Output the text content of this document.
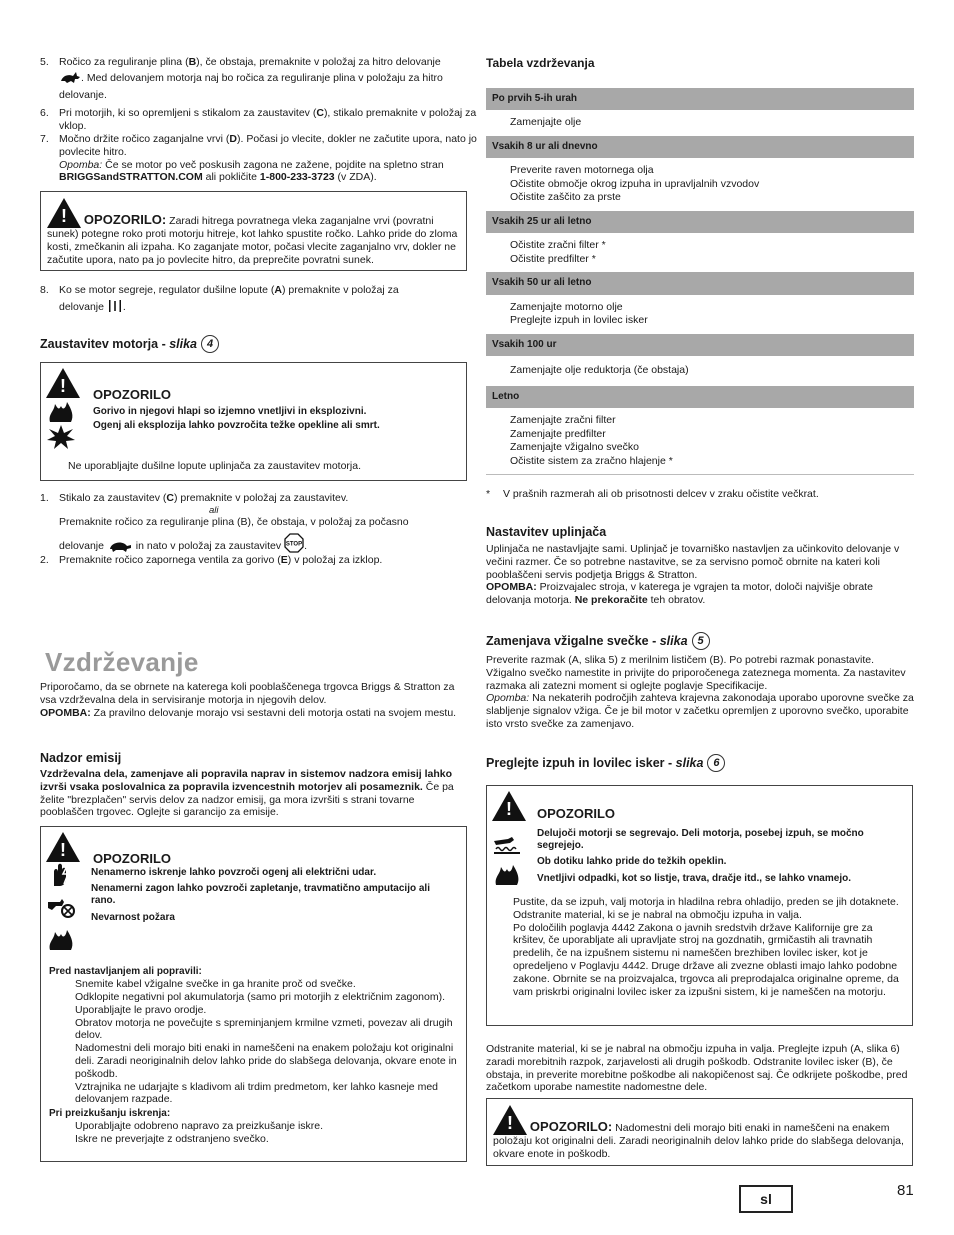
5. Ročico za reguliranje plina (B), če obstaja, premaknite v položaj za hitro delovanje
. Med delovanjem motorja naj bo ročica za reguliranje plina v položaju za hitro delovanje.
6. Pri motorjih, ki so opremljeni s stikalom za zaustavitev (C), stikalo premaknite v položaj za vklop.
7. Močno držite ročico zaganjalne vrvi (D). Počasi jo vlecite, dokler ne začutite upora, nato jo povlecite hitro.
Opomba: Če se motor po več poskusih zagona ne zažene, pojdite na spletno stran BRIGGSandSTRATTON.COM ali pokličite 1-800-233-3723 (v ZDA).
! OPOZORILO: Zaradi hitrega povratnega vleka zaganjalne vrvi (povratni sunek) potegne roko proti motorju hitreje, kot lahko spustite ročko. Lahko pride do zloma kosti, zmečkanin ali izpaha. Ko zaganjate motor, počasi vlecite zaganjalno vrv, dokler ne začutite upora, nato pa jo povlecite hitro, da preprečite povratni sunek.
8. Ko se motor segreje, regulator dušilne lopute (A) premaknite v položaj za
delovanje .
Zaustavitev motorja - slika 4
!
OPOZORILO

Gorivo in njegovi hlapi so izjemno vnetljivi in eksplozivni.

Ogenj ali eksplozija lahko povzročita težke opekline ali smrt.

Ne uporabljajte dušilne lopute uplinjača za zaustavitev motorja.
1. Stikalo za zaustavitev (C) premaknite v položaj za zaustavitev.
ali
Premaknite ročico za reguliranje plina (B), če obstaja, v položaj za počasno
delovanje	in nato v položaj za zaustavitev STOP .
2. Premaknite ročico zapornega ventila za gorivo (E) v položaj za izklop.
Vzdrževanje

Priporočamo, da se obrnete na katerega koli pooblaščenega trgovca Briggs & Stratton za vsa vzdrževalna dela in servisiranje motorja in njegovih delov.

OPOMBA: Za pravilno delovanje morajo vsi sestavni deli motorja ostati na svojem mestu.

Nadzor emisij
Vzdrževalna dela, zamenjave ali popravila naprav in sistemov nadzora emisij lahko izvrši vsaka poslovalnica za popravila izvencestnih motorjev ali posameznik. Če pa želite "brezplačen" servis delov za nadzor emisij, ga mora izvršiti s strani tovarne pooblaščen trgovec. Oglejte si garancijo za emisije.
!
OPOZORILO

Nenamerno iskrenje lahko povzroči ogenj ali električni udar.

Nenamerni zagon lahko povzroči zapletanje, travmatično amputacijo ali rano.

Nevarnost požara

Pred nastavljanjem ali popravili:

Snemite kabel vžigalne svečke in ga hranite proč od svečke.

Odklopite negativni pol akumulatorja (samo pri motorjih z električnim zagonom).

Uporabljajte le pravo orodje.

Obratov motorja ne povečujte s spreminjanjem krmilne vzmeti, povezav ali drugih delov.

Nadomestni deli morajo biti enaki in nameščeni na enakem položaju kot originalni deli. Zaradi neoriginalnih delov lahko pride do slabšega delovanja, okvare enote in poškodb.

Vztrajnika ne udarjajte s kladivom ali trdim predmetom, ker lahko kasneje med delovanjem razpade.

Pri preizkušanju iskrenja:

Uporabljajte odobreno napravo za preizkušanje iskre.

Iskre ne preverjajte z odstranjeno svečko.

Tabela vzdrževanja
Po prvih 5-ih urah

Zamenjajte olje

Vsakih 8 ur ali dnevno

Preverite raven motornega olja

Očistite območje okrog izpuha in upravljalnih vzvodov

Očistite zaščito za prste

Vsakih 25 ur ali letno

Očistite zračni filter *

Očistite predfilter *

Vsakih 50 ur ali letno

Zamenjajte motorno olje

Preglejte izpuh in lovilec isker

Vsakih 100 ur

Zamenjajte olje reduktorja (če obstaja)

Letno

Zamenjajte zračni filter

Zamenjajte predfilter

Zamenjajte vžigalno svečko

Očistite sistem za zračno hlajenje *

* V prašnih razmerah ali ob prisotnosti delcev v zraku očistite večkrat.
Nastavitev uplinjača

Uplinjača ne nastavljajte sami. Uplinjač je tovarniško nastavljen za učinkovito delovanje v večini razmer. Če so potrebne nastavitve, se za servisno pomoč obrnite na kateri koli pooblaščeni servis podjetja Briggs & Stratton.

OPOMBA: Proizvajalec stroja, v katerega je vgrajen ta motor, določi najvišje obrate delovanja motorja. Ne prekoračite teh obratov.

Zamenjava vžigalne svečke - slika 5

Preverite razmak (A, slika 5) z merilnim lističem (B). Po potrebi razmak ponastavite. Vžigalno svečko namestite in privijte do priporočenega zateznega momenta. Za nastavitev razmaka ali zatezni moment si oglejte poglavje Specifikacije.

Opomba: Na nekaterih področjih zahteva krajevna zakonodaja uporabo uporovne svečke za slabljenje signalov vžiga. Če je bil motor v začetku opremljen z uporovno svečko, uporabite isto vrsto svečke za zamenjavo.

Preglejte izpuh in lovilec isker - slika 6
!
OPOZORILO

Delujoči motorji se segrevajo. Deli motorja, posebej izpuh, se močno segrejejo.

Ob dotiku lahko pride do težkih opeklin.

Vnetljivi odpadki, kot so listje, trava, dračje itd., se lahko vnamejo.

Pustite, da se izpuh, valj motorja in hladilna rebra ohladijo, preden se jih dotaknete.

Odstranite material, ki se je nabral na območju izpuha in valja.

Po določilih poglavja 4442 Zakona o javnih sredstvih države Kalifornije gre za kršitev, če uporabljate ali upravljate stroj na gozdnatih, grmičastih ali travnatih predelih, če na izpušnem sistemu ni nameščen brezhiben lovilec isker, kot je opredeljeno v Poglavju 4442. Druge države ali zvezne oblasti imajo lahko podobne zakone. Obrnite se na proizvajalca, trgovca ali preprodajalca originalne opreme, da vam priskrbi originalni lovilec isker za izpušni sistem, ki je nameščen na motorju.

Odstranite material, ki se je nabral na območju izpuha in valja. Preglejte izpuh (A, slika 6) zaradi morebitnih razpok, zarjavelosti ali drugih poškodb. Odstranite lovilec isker (B), če obstaja, in preverite morebitne poškodbe ali nakopičenost saj. Če odkrijete poškodbe, pred začetkom uporabe namestite nadomestne dele.
! OPOZORILO: Nadomestni deli morajo biti enaki in nameščeni na enakem položaju kot originalni deli. Zaradi neoriginalnih delov lahko pride do slabšega delovanja, okvare enote in poškodb.
sl	81
